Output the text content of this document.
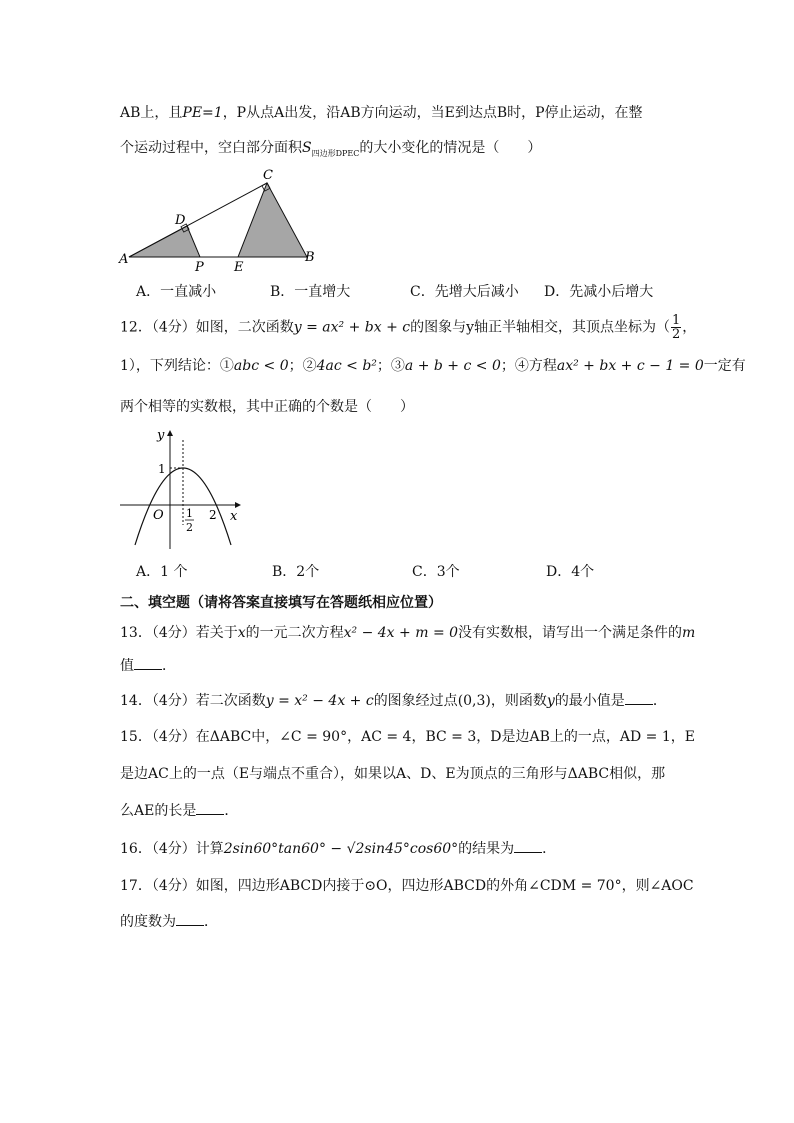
AB上，且PE=1，P从点A出发，沿AB方向运动，当E到达点B时，P停止运动，在整
个运动过程中，空白部分面积$S_{四边形DPEC}$的大小变化的情况是（　　）
A	B
C
D
P E
A．一直减小	B．一直增大	C．先增大后减小	D．先减小后增大
12．（4分）如图，二次函数y = ax² + bx + c的图象与y轴正半轴相交，其顶点坐标为（ $\frac{1}{2}$ ，
1），下列结论：①abc < 0；②4ac < b²；③a + b + c < 0；④方程ax² + bx + c − 1 = 0一定有
两个相等的实数根，其中正确的个数是（　　）
y
x
O
1
2
1
2
A．1 个	B．2个	C．3个	D．4个
二、填空题（请将答案直接填写在答题纸相应位置）
13．（4分）若关于x的一元二次方程x² − 4x + m = 0没有实数根，请写出一个满足条件的m
值 ．
14．（4分）若二次函数y = x² − 4x + c的图象经过点(0,3)，则函数y的最小值是 ．
15．（4分）在ΔABC中，∠C = 90°，AC = 4，BC = 3，D是边AB上的一点，AD = 1，E
是边AC上的一点（E与端点不重合），如果以A、D、E为顶点的三角形与ΔABC相似，那
么AE的长是 ．
16．（4分）计算2sin60°tan60° − √2sin45°cos60°的结果为 ．
17．（4分）如图，四边形ABCD内接于⊙O，四边形ABCD的外角∠CDM = 70°，则∠AOC
的度数为 ．
